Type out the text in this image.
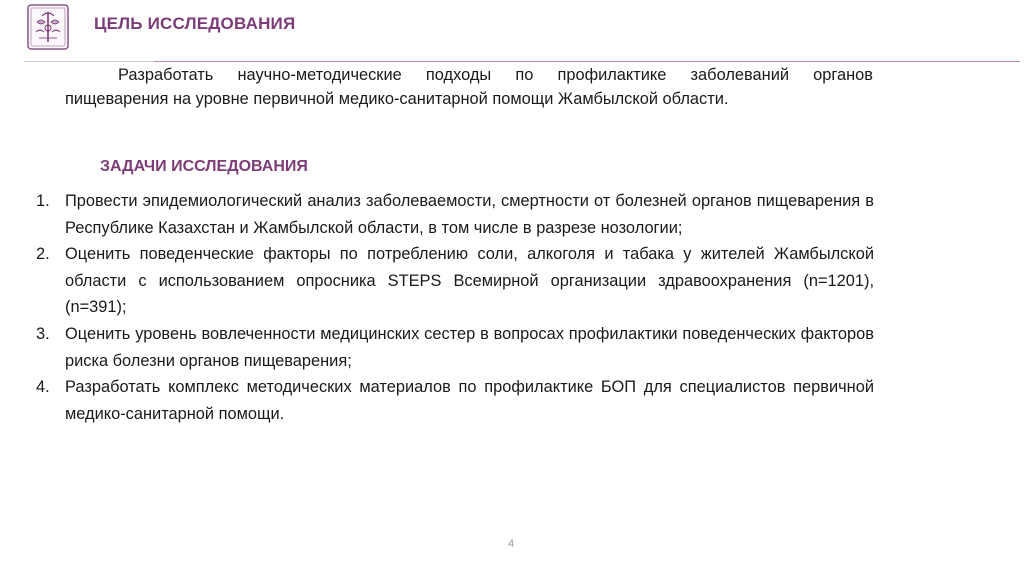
ЦЕЛЬ ИССЛЕДОВАНИЯ
Разработать научно-методические подходы по профилактике заболеваний органов
пищеварения на уровне первичной медико-санитарной помощи Жамбылской области.
ЗАДАЧИ ИССЛЕДОВАНИЯ
1. Провести эпидемиологический анализ заболеваемости, смертности от болезней органов пищеварения в Республике Казахстан и Жамбылской области, в том числе в разрезе нозологии;
2. Оценить поведенческие факторы по потреблению соли, алкоголя и табака у жителей Жамбылской области с использованием опросника STEPS Всемирной организации здравоохранения (n=1201), (n=391);
3. Оценить уровень вовлеченности медицинских сестер в вопросах профилактики поведенческих факторов риска болезни органов пищеварения;
4. Разработать комплекс методических материалов по профилактике БОП для специалистов первичной медико-санитарной помощи.
4
